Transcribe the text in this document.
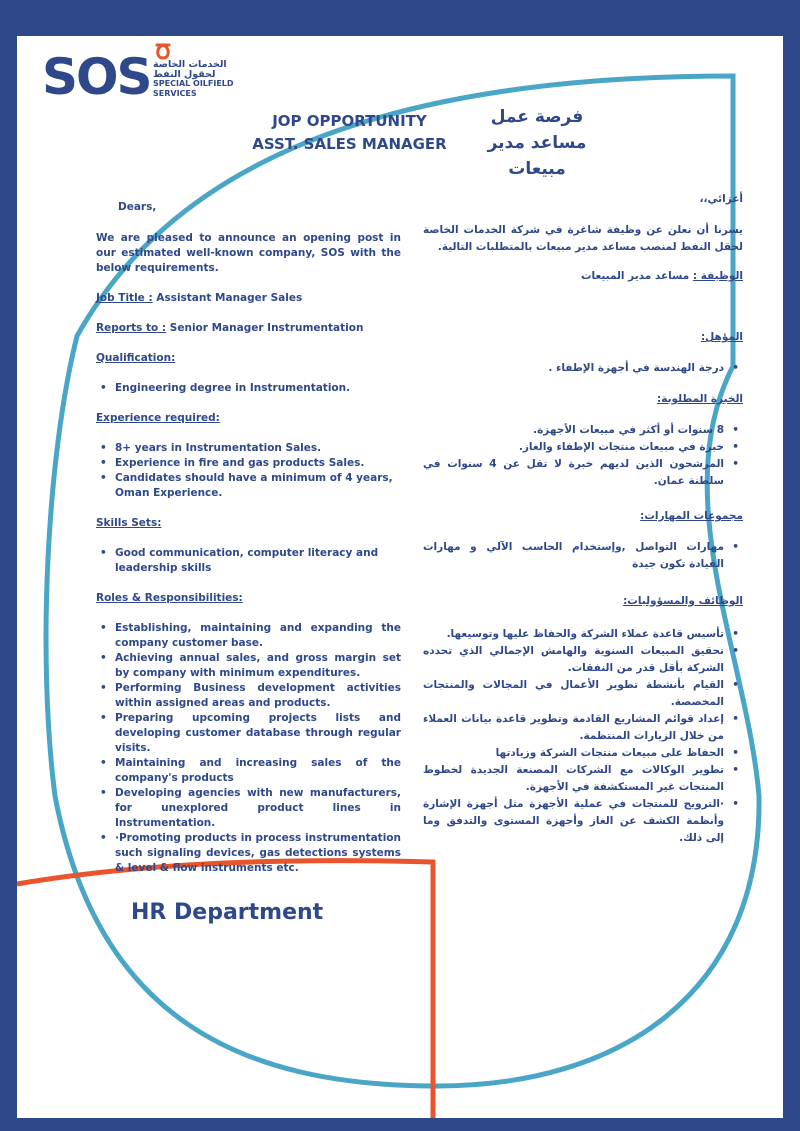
SOS الخدمات الخاصة
لحقول النفط
SPECIAL OILFIELD
SERVICES
JOP OPPORTUNITY
ASST. SALES MANAGER
فرصة عمل
مساعد مدير مبيعات

Dears,

We are pleased to announce an opening post in our estimated well-known company, SOS with the below requirements.

Job Title : Assistant Manager Sales

Reports to : Senior Manager Instrumentation

Qualification:

• Engineering degree in Instrumentation.

Experience required:

• 8+ years in Instrumentation Sales.
• Experience in fire and gas products Sales.
• Candidates should have a minimum of 4 years, Oman Experience.

Skills Sets:

• Good communication, computer literacy and leadership skills

Roles & Responsibilities:

• Establishing, maintaining and expanding the company customer base.
• Achieving annual sales, and gross margin set by company with minimum expenditures.
• Performing Business development activities within assigned areas and products.
• Preparing upcoming projects lists and developing customer database through regular visits.
• Maintaining and increasing sales of the company's products
• Developing agencies with new manufacturers, for unexplored product lines in Instrumentation.
• ·Promoting products in process instrumentation such signaling devices, gas detections systems & level & flow instruments etc.

أعزائي،،

يسرنا أن نعلن عن وظيفة شاغرة في شركة الخدمات الخاصة لحقل النفط لمنصب مساعد مدير مبيعات بالمتطلبات التالية.

الوظيفة : مساعد مدير المبيعات

المؤهل:

• درجة الهندسة في أجهزة الإطفاء .

الخبرة المطلوبة:

• 8 سنوات أو أكثر في مبيعات الأجهزة.
• خبرة في مبيعات منتجات الإطفاء والغاز.
• المرشحون الذين لديهم خبرة لا تقل عن 4 سنوات في سلطنة عمان.

مجموعات المهارات:

• مهارات التواصل ,وإستخدام الحاسب الآلي و مهارات القيادة تكون جيدة

الوظائف والمسؤوليات:

• تأسيس قاعدة عملاء الشركة والحفاظ عليها وتوسيعها.
• تحقيق المبيعات السنوية والهامش الإجمالي الذي تحدده الشركة بأقل قدر من النفقات.
• القيام بأنشطة تطوير الأعمال في المجالات والمنتجات المخصصة.
• إعداد قوائم المشاريع القادمة وتطوير قاعدة بيانات العملاء من خلال الزيارات المنتظمة.
• الحفاظ على مبيعات منتجات الشركة وزيادتها
• تطوير الوكالات مع الشركات المصنعة الجديدة لخطوط المنتجات غير المستكشفة في الأجهزة.
• ·الترويج للمنتجات في عملية الأجهزة مثل أجهزة الإشارة وأنظمة الكشف عن الغاز وأجهزة المستوى والتدفق وما إلى ذلك.
HR Department
